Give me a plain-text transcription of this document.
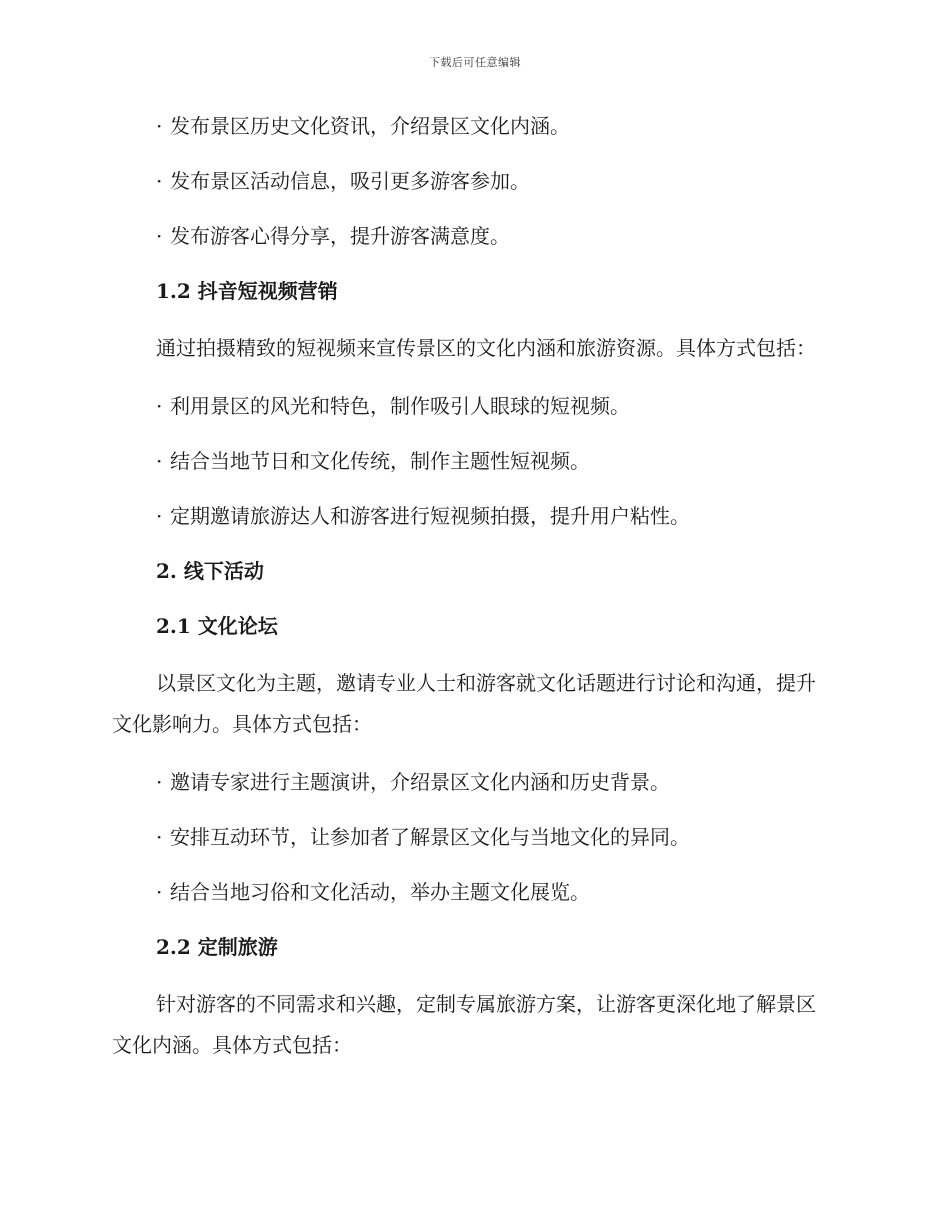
下载后可任意编辑

· 发布景区历史文化资讯，介绍景区文化内涵。

· 发布景区活动信息，吸引更多游客参加。

· 发布游客心得分享，提升游客满意度。

1.2 抖音短视频营销

通过拍摄精致的短视频来宣传景区的文化内涵和旅游资源。具体方式包括：

· 利用景区的风光和特色，制作吸引人眼球的短视频。

· 结合当地节日和文化传统，制作主题性短视频。

· 定期邀请旅游达人和游客进行短视频拍摄，提升用户粘性。

2. 线下活动

2.1 文化论坛

以景区文化为主题，邀请专业人士和游客就文化话题进行讨论和沟通，提升文化影响力。具体方式包括：

· 邀请专家进行主题演讲，介绍景区文化内涵和历史背景。

· 安排互动环节，让参加者了解景区文化与当地文化的异同。

· 结合当地习俗和文化活动，举办主题文化展览。

2.2 定制旅游

针对游客的不同需求和兴趣，定制专属旅游方案，让游客更深化地了解景区文化内涵。具体方式包括：
